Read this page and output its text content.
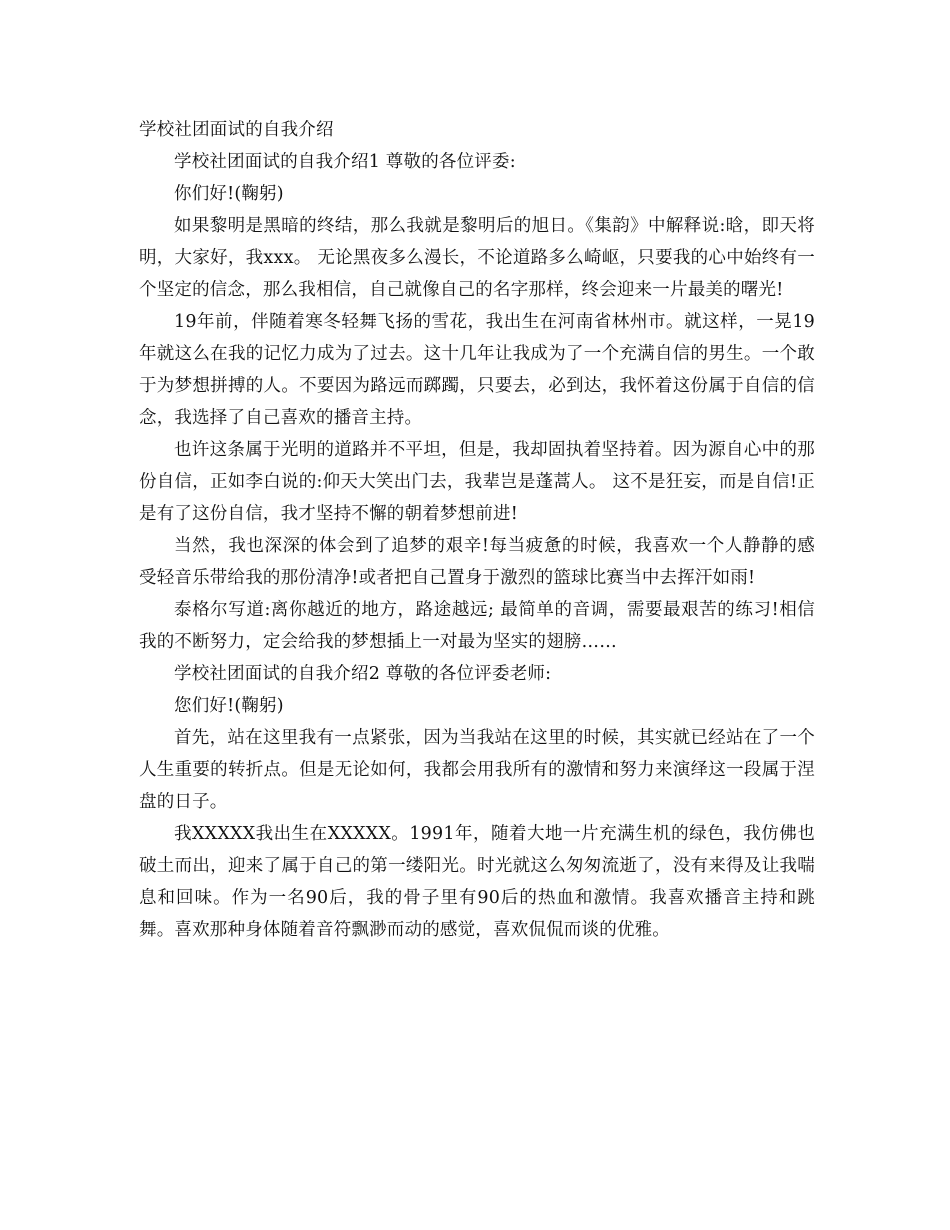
学校社团面试的自我介绍

学校社团面试的自我介绍1 尊敬的各位评委:

你们好!(鞠躬)

如果黎明是黑暗的终结，那么我就是黎明后的旭日。《集韵》中解释说:晗，即天将明，大家好，我xxx。 无论黑夜多么漫长，不论道路多么崎岖，只要我的心中始终有一个坚定的信念，那么我相信，自己就像自己的名字那样，终会迎来一片最美的曙光!

19年前，伴随着寒冬轻舞飞扬的雪花，我出生在河南省林州市。就这样，一晃19年就这么在我的记忆力成为了过去。这十几年让我成为了一个充满自信的男生。一个敢于为梦想拼搏的人。不要因为路远而踯躅，只要去，必到达，我怀着这份属于自信的信念，我选择了自己喜欢的播音主持。

也许这条属于光明的道路并不平坦，但是，我却固执着坚持着。因为源自心中的那份自信，正如李白说的:仰天大笑出门去，我辈岂是蓬蒿人。 这不是狂妄，而是自信!正是有了这份自信，我才坚持不懈的朝着梦想前进!

当然，我也深深的体会到了追梦的艰辛!每当疲惫的时候，我喜欢一个人静静的感受轻音乐带给我的那份清净!或者把自己置身于激烈的篮球比赛当中去挥汗如雨!

泰格尔写道:离你越近的地方，路途越远; 最简单的音调，需要最艰苦的练习!相信我的不断努力，定会给我的梦想插上一对最为坚实的翅膀……

学校社团面试的自我介绍2 尊敬的各位评委老师:

您们好!(鞠躬)

首先，站在这里我有一点紧张，因为当我站在这里的时候，其实就已经站在了一个人生重要的转折点。但是无论如何，我都会用我所有的激情和努力来演绎这一段属于涅盘的日子。

我XXXXX我出生在XXXXX。1991年，随着大地一片充满生机的绿色，我仿佛也破土而出，迎来了属于自己的第一缕阳光。时光就这么匆匆流逝了，没有来得及让我喘息和回味。作为一名90后，我的骨子里有90后的热血和激情。我喜欢播音主持和跳舞。喜欢那种身体随着音符飘渺而动的感觉，喜欢侃侃而谈的优雅。
